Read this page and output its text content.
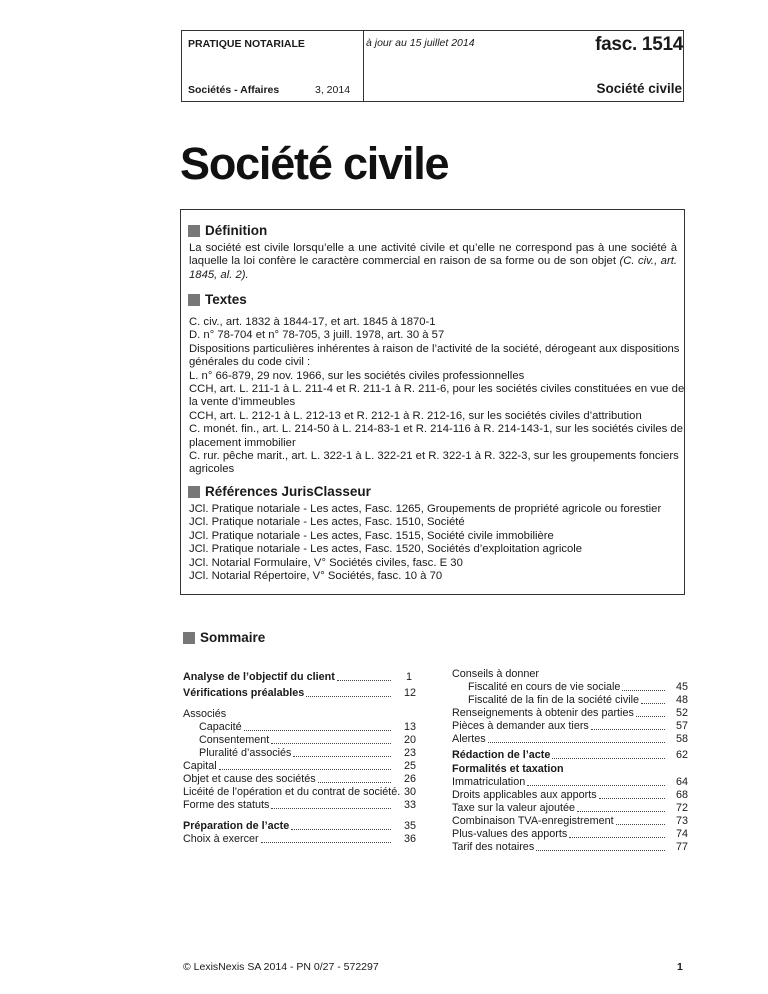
PRATIQUE NOTARIALE	à jour au 15 juillet 2014	fasc. 1514
Sociétés - Affaires	3, 2014	Société civile
Société civile
Définition
La société est civile lorsqu’elle a une activité civile et qu’elle ne correspond pas à une société à laquelle la loi confère le caractère commercial en raison de sa forme ou de son objet (C. civ., art. 1845, al. 2).
Textes
C. civ., art. 1832 à 1844-17, et art. 1845 à 1870-1
D. n° 78-704 et n° 78-705, 3 juill. 1978, art. 30 à 57
Dispositions particulières inhérentes à raison de l’activité de la société, dérogeant aux dispositions
générales du code civil :
L. n° 66-879, 29 nov. 1966, sur les sociétés civiles professionnelles
CCH, art. L. 211-1 à L. 211-4 et R. 211-1 à R. 211-6, pour les sociétés civiles constituées en vue de
la vente d’immeubles
CCH, art. L. 212-1 à L. 212-13 et R. 212-1 à R. 212-16, sur les sociétés civiles d’attribution
C. monét. fin., art. L. 214-50 à L. 214-83-1 et R. 214-116 à R. 214-143-1, sur les sociétés civiles de
placement immobilier
C. rur. pêche marit., art. L. 322-1 à L. 322-21 et R. 322-1 à R. 322-3, sur les groupements fonciers
agricoles
Références JurisClasseur
JCl. Pratique notariale - Les actes, Fasc. 1265, Groupements de propriété agricole ou forestier
JCl. Pratique notariale - Les actes, Fasc. 1510, Société
JCl. Pratique notariale - Les actes, Fasc. 1515, Société civile immobilière
JCl. Pratique notariale - Les actes, Fasc. 1520, Sociétés d’exploitation agricole
JCl. Notarial Formulaire, V° Sociétés civiles, fasc. E 30
JCl. Notarial Répertoire, V° Sociétés, fasc. 10 à 70
Sommaire
Analyse de l’objectif du client	1
Vérifications préalables	12
Associés
Capacité	13
Consentement	20
Pluralité d’associés	23
Capital	25
Objet et cause des sociétés	26
Licéité de l’opération et du contrat de société. 30
Forme des statuts	33
Préparation de l’acte	35
Choix à exercer	36
Conseils à donner
Fiscalité en cours de vie sociale	45
Fiscalité de la fin de la société civile	48
Renseignements à obtenir des parties	52
Pièces à demander aux tiers	57
Alertes	58
Rédaction de l’acte	62
Formalités et taxation
Immatriculation	64
Droits applicables aux apports	68
Taxe sur la valeur ajoutée	72
Combinaison TVA-enregistrement	73
Plus-values des apports	74
Tarif des notaires	77
© LexisNexis SA 2014 - PN 0/27 - 572297	1
